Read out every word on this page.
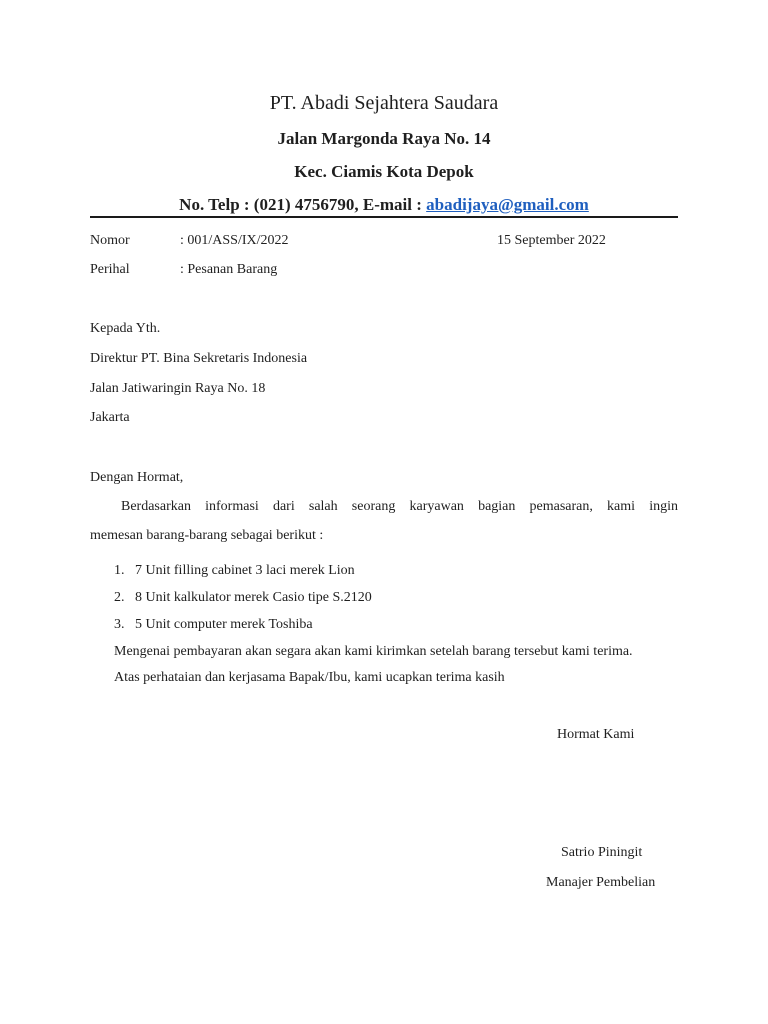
PT. Abadi Sejahtera Saudara
Jalan Margonda Raya No. 14
Kec. Ciamis Kota Depok
No. Telp : (021) 4756790, E-mail : abadijaya@gmail.com
Nomor	: 001/ASS/IX/2022	15 September 2022
Perihal	: Pesanan Barang
Kepada Yth.
Direktur PT. Bina Sekretaris Indonesia
Jalan Jatiwaringin Raya No. 18
Jakarta
Dengan Hormat,
Berdasarkan informasi dari salah seorang karyawan bagian pemasaran, kami ingin
memesan barang-barang sebagai berikut :
1. 7 Unit filling cabinet 3 laci merek Lion
2. 8 Unit kalkulator merek Casio tipe S.2120
3. 5 Unit computer merek Toshiba
Mengenai pembayaran akan segara akan kami kirimkan setelah barang tersebut kami terima.
Atas perhataian dan kerjasama Bapak/Ibu, kami ucapkan terima kasih
Hormat Kami
Satrio Piningit
Manajer Pembelian
